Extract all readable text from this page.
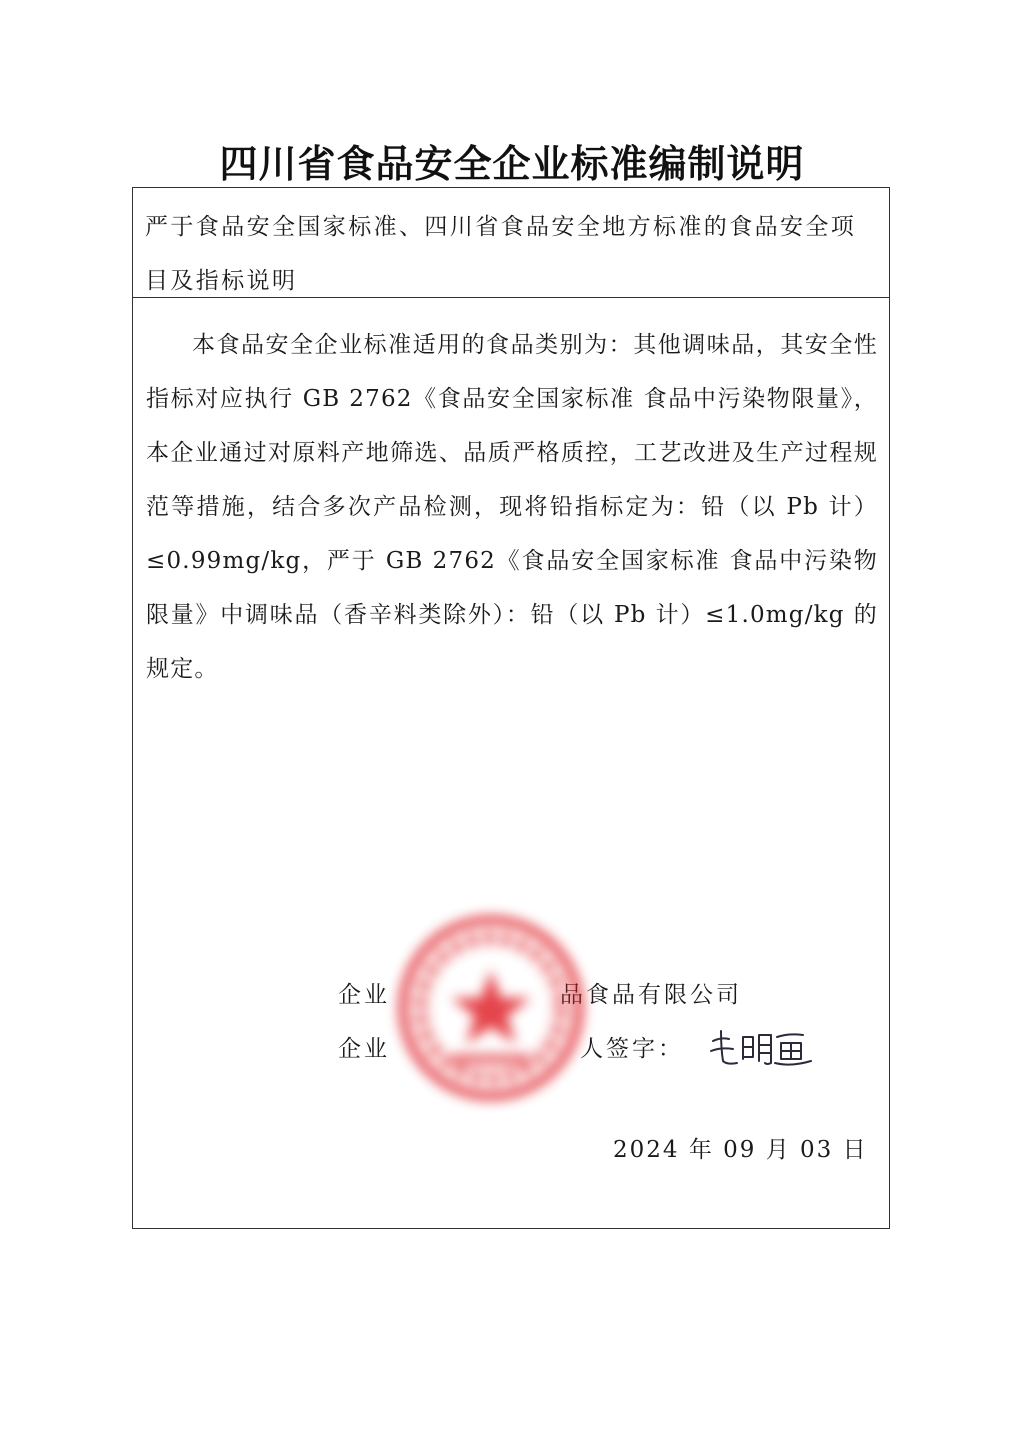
四川省食品安全企业标准编制说明
严于食品安全国家标准、四川省食品安全地方标准的食品安全项目及指标说明
本食品安全企业标准适用的食品类别为：其他调味品，其安全性指标对应执行 GB 2762《食品安全国家标准 食品中污染物限量》，本企业通过对原料产地筛选、品质严格质控，工艺改进及生产过程规范等措施，结合多次产品检测，现将铅指标定为：铅（以 Pb 计）≤0.99mg/kg，严于 GB 2762《食品安全国家标准 食品中污染物限量》中调味品（香辛料类除外）：铅（以 Pb 计）≤1.0mg/kg 的规定。
企业	品食品有限公司
企业	人签字：
2024 年 09 月 03 日
